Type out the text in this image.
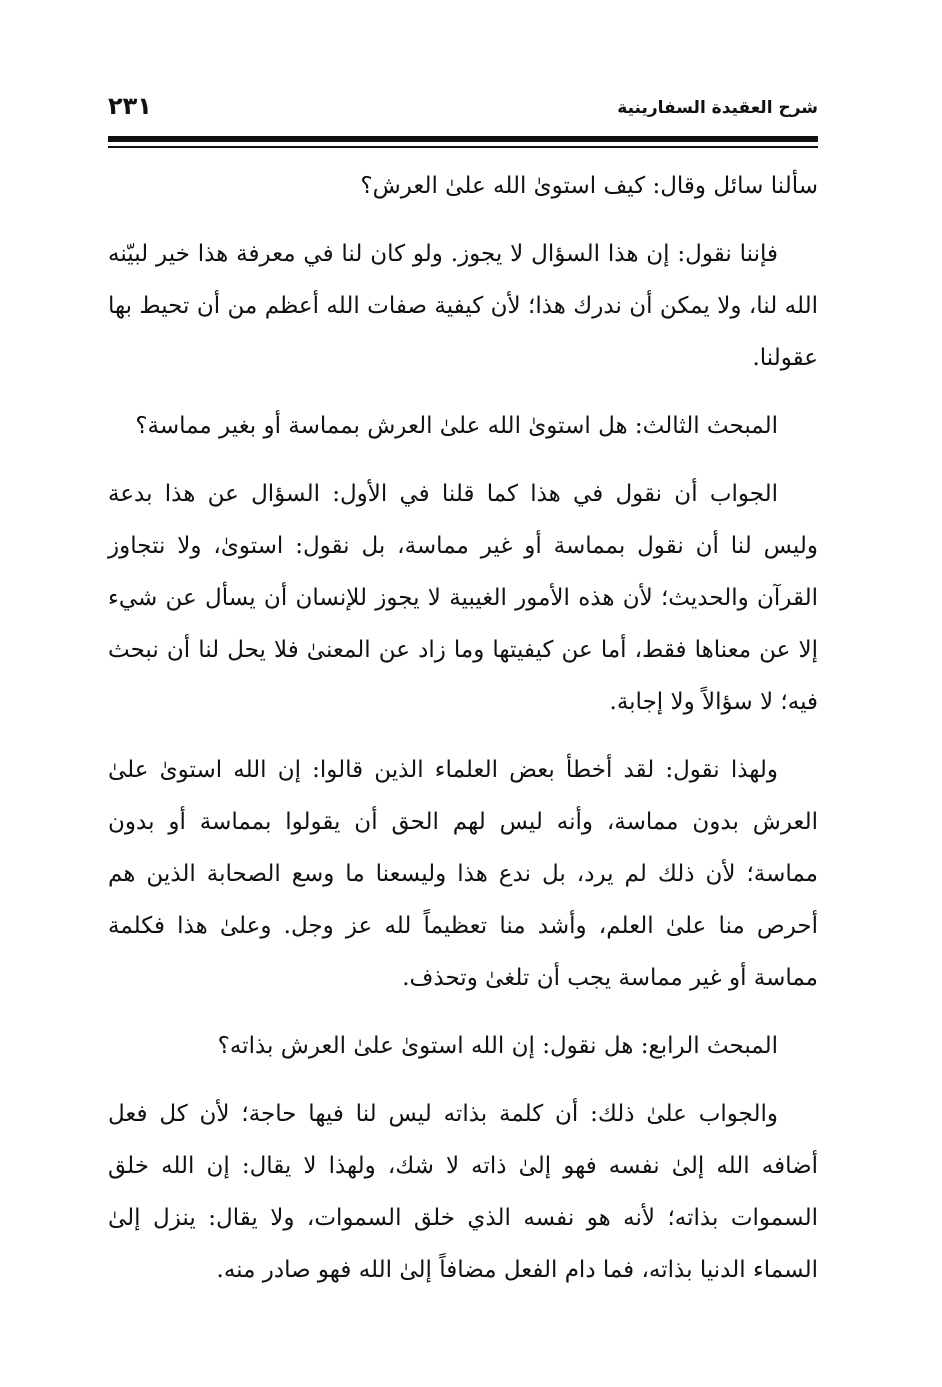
شرح العقيدة السفارينية
٢٣١

سألنا سائل وقال: كيف استوىٰ الله علىٰ العرش؟

فإننا نقول: إن هذا السؤال لا يجوز. ولو كان لنا في معرفة هذا خير لبيّنه الله لنا، ولا يمكن أن ندرك هذا؛ لأن كيفية صفات الله أعظم من أن تحيط بها عقولنا.

المبحث الثالث: هل استوىٰ الله علىٰ العرش بمماسة أو بغير مماسة؟

الجواب أن نقول في هذا كما قلنا في الأول: السؤال عن هذا بدعة وليس لنا أن نقول بمماسة أو غير مماسة، بل نقول: استوىٰ، ولا نتجاوز القرآن والحديث؛ لأن هذه الأمور الغيبية لا يجوز للإنسان أن يسأل عن شيء إلا عن معناها فقط، أما عن كيفيتها وما زاد عن المعنىٰ فلا يحل لنا أن نبحث فيه؛ لا سؤالاً ولا إجابة.

ولهذا نقول: لقد أخطأ بعض العلماء الذين قالوا: إن الله استوىٰ علىٰ العرش بدون مماسة، وأنه ليس لهم الحق أن يقولوا بمماسة أو بدون مماسة؛ لأن ذلك لم يرد، بل ندع هذا وليسعنا ما وسع الصحابة الذين هم أحرص منا علىٰ العلم، وأشد منا تعظيماً لله عز وجل. وعلىٰ هذا فكلمة مماسة أو غير مماسة يجب أن تلغىٰ وتحذف.

المبحث الرابع: هل نقول: إن الله استوىٰ علىٰ العرش بذاته؟

والجواب علىٰ ذلك: أن كلمة بذاته ليس لنا فيها حاجة؛ لأن كل فعل أضافه الله إلىٰ نفسه فهو إلىٰ ذاته لا شك، ولهذا لا يقال: إن الله خلق السموات بذاته؛ لأنه هو نفسه الذي خلق السموات، ولا يقال: ينزل إلىٰ السماء الدنيا بذاته، فما دام الفعل مضافاً إلىٰ الله فهو صادر منه.
